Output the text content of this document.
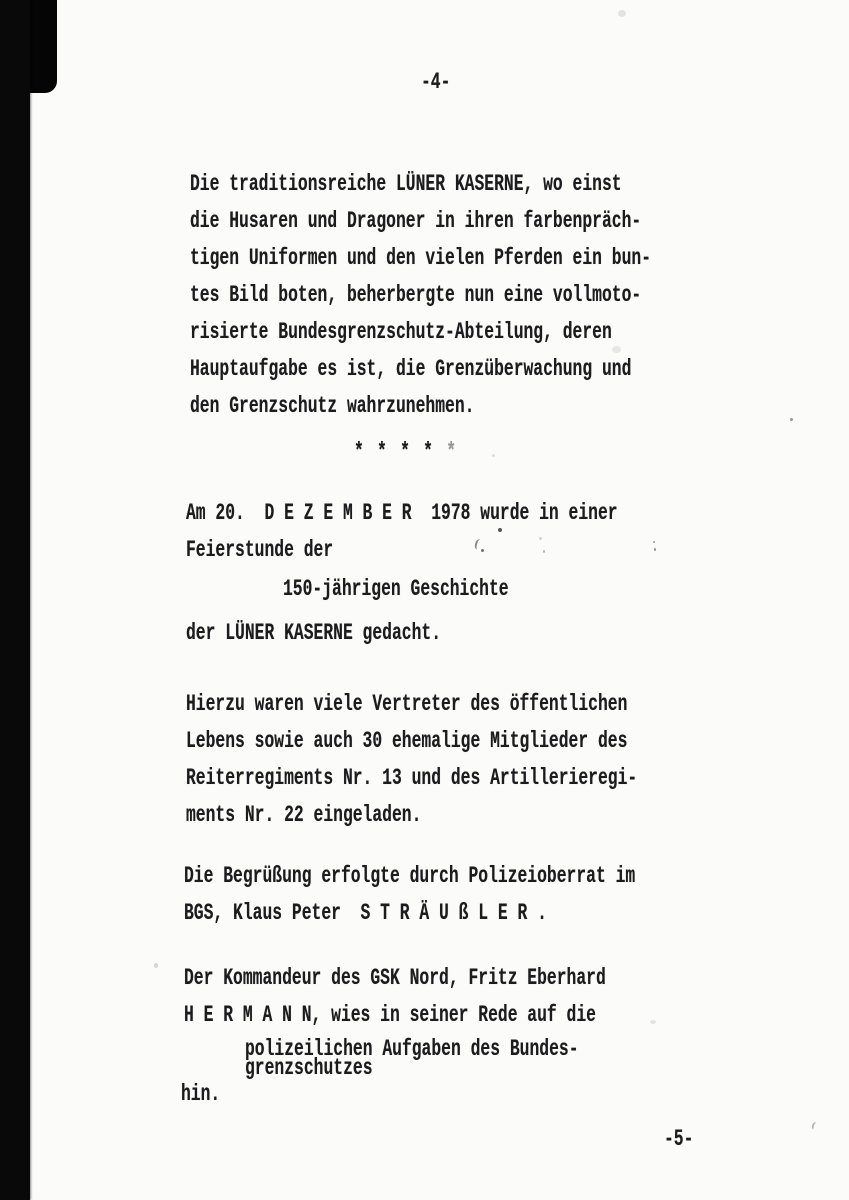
-4-
Die traditionsreiche LÜNER KASERNE, wo einst
die Husaren und Dragoner in ihren farbenpräch-
tigen Uniformen und den vielen Pferden ein bun-
tes Bild boten, beherbergte nun eine vollmoto-
risierte Bundesgrenzschutz-Abteilung, deren
Hauptaufgabe es ist, die Grenzüberwachung und
den Grenzschutz wahrzunehmen.
* * * * *
Am 20.  D E Z E M B E R  1978 wurde in einer
Feierstunde der
150-jährigen Geschichte
der LÜNER KASERNE gedacht.
Hierzu waren viele Vertreter des öffentlichen
Lebens sowie auch 30 ehemalige Mitglieder des
Reiterregiments Nr. 13 und des Artillerieregi-
ments Nr. 22 eingeladen.
Die Begrüßung erfolgte durch Polizeioberrat im
BGS, Klaus Peter  S T R Ä U ß L E R .
Der Kommandeur des GSK Nord, Fritz Eberhard
H E R M A N N, wies in seiner Rede auf die
polizeilichen Aufgaben des Bundes-
grenzschutzes
hin.
-5-
